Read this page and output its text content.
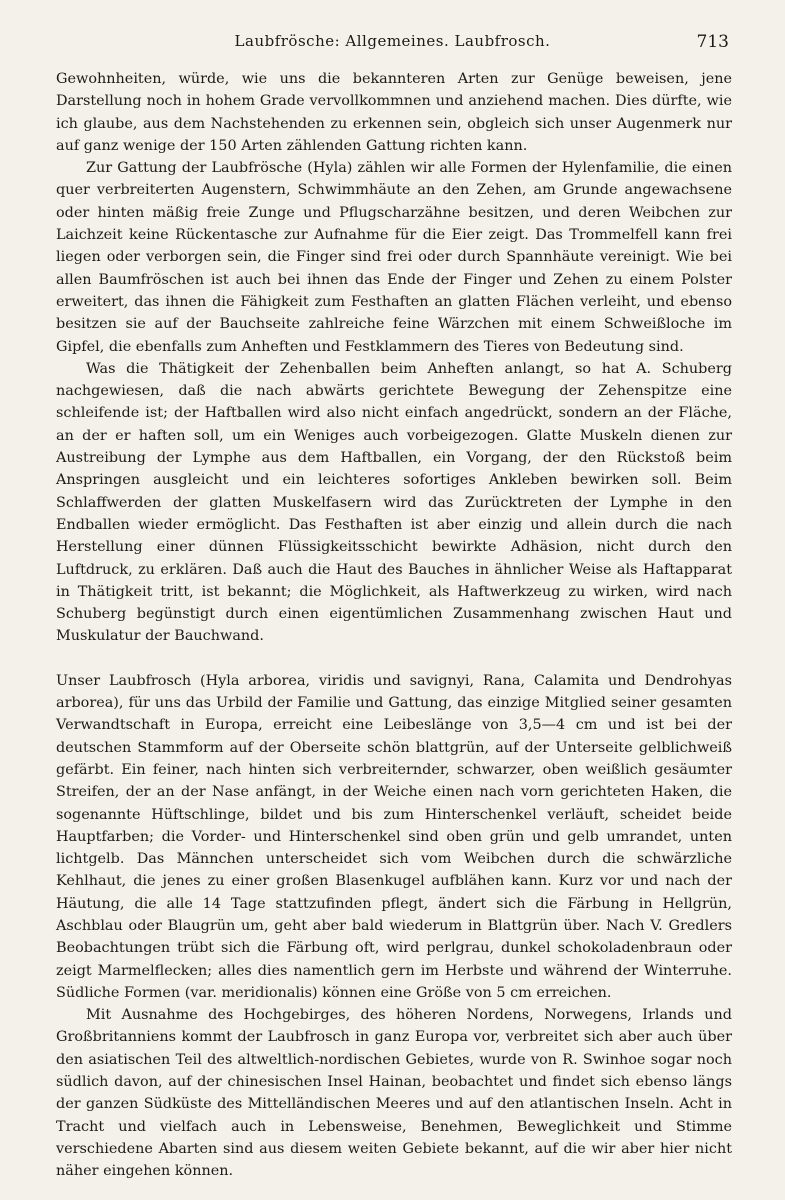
Laubfrösche: Allgemeines. Laubfrosch.	713

Gewohnheiten, würde, wie uns die bekannteren Arten zur Genüge beweisen, jene Darstellung noch in hohem Grade vervollkommnen und anziehend machen. Dies dürfte, wie ich glaube, aus dem Nachstehenden zu erkennen sein, obgleich sich unser Augenmerk nur auf ganz wenige der 150 Arten zählenden Gattung richten kann.

Zur Gattung der Laubfrösche (Hyla) zählen wir alle Formen der Hylenfamilie, die einen quer verbreiterten Augenstern, Schwimmhäute an den Zehen, am Grunde angewachsene oder hinten mäßig freie Zunge und Pflugscharzähne besitzen, und deren Weibchen zur Laichzeit keine Rückentasche zur Aufnahme für die Eier zeigt. Das Trommelfell kann frei liegen oder verborgen sein, die Finger sind frei oder durch Spannhäute vereinigt. Wie bei allen Baumfröschen ist auch bei ihnen das Ende der Finger und Zehen zu einem Polster erweitert, das ihnen die Fähigkeit zum Festhaften an glatten Flächen verleiht, und ebenso besitzen sie auf der Bauchseite zahlreiche feine Wärzchen mit einem Schweißloche im Gipfel, die ebenfalls zum Anheften und Festklammern des Tieres von Bedeutung sind.

Was die Thätigkeit der Zehenballen beim Anheften anlangt, so hat A. Schuberg nachgewiesen, daß die nach abwärts gerichtete Bewegung der Zehenspitze eine schleifende ist; der Haftballen wird also nicht einfach angedrückt, sondern an der Fläche, an der er haften soll, um ein Weniges auch vorbeigezogen. Glatte Muskeln dienen zur Austreibung der Lymphe aus dem Haftballen, ein Vorgang, der den Rückstoß beim Anspringen ausgleicht und ein leichteres sofortiges Ankleben bewirken soll. Beim Schlaffwerden der glatten Muskelfasern wird das Zurücktreten der Lymphe in den Endballen wieder ermöglicht. Das Festhaften ist aber einzig und allein durch die nach Herstellung einer dünnen Flüssigkeitsschicht bewirkte Adhäsion, nicht durch den Luftdruck, zu erklären. Daß auch die Haut des Bauches in ähnlicher Weise als Haftapparat in Thätigkeit tritt, ist bekannt; die Möglichkeit, als Haftwerkzeug zu wirken, wird nach Schuberg begünstigt durch einen eigentümlichen Zusammenhang zwischen Haut und Muskulatur der Bauchwand.

Unser Laubfrosch (Hyla arborea, viridis und savignyi, Rana, Calamita und Dendrohyas arborea), für uns das Urbild der Familie und Gattung, das einzige Mitglied seiner gesamten Verwandtschaft in Europa, erreicht eine Leibeslänge von 3,5—4 cm und ist bei der deutschen Stammform auf der Oberseite schön blattgrün, auf der Unterseite gelblichweiß gefärbt. Ein feiner, nach hinten sich verbreiternder, schwarzer, oben weißlich gesäumter Streifen, der an der Nase anfängt, in der Weiche einen nach vorn gerichteten Haken, die sogenannte Hüftschlinge, bildet und bis zum Hinterschenkel verläuft, scheidet beide Hauptfarben; die Vorder- und Hinterschenkel sind oben grün und gelb umrandet, unten lichtgelb. Das Männchen unterscheidet sich vom Weibchen durch die schwärzliche Kehlhaut, die jenes zu einer großen Blasenkugel aufblähen kann. Kurz vor und nach der Häutung, die alle 14 Tage stattzufinden pflegt, ändert sich die Färbung in Hellgrün, Aschblau oder Blaugrün um, geht aber bald wiederum in Blattgrün über. Nach V. Gredlers Beobachtungen trübt sich die Färbung oft, wird perlgrau, dunkel schokoladenbraun oder zeigt Marmelflecken; alles dies namentlich gern im Herbste und während der Winterruhe. Südliche Formen (var. meridionalis) können eine Größe von 5 cm erreichen.

Mit Ausnahme des Hochgebirges, des höheren Nordens, Norwegens, Irlands und Großbritanniens kommt der Laubfrosch in ganz Europa vor, verbreitet sich aber auch über den asiatischen Teil des altweltlich-nordischen Gebietes, wurde von R. Swinhoe sogar noch südlich davon, auf der chinesischen Insel Hainan, beobachtet und findet sich ebenso längs der ganzen Südküste des Mittelländischen Meeres und auf den atlantischen Inseln. Acht in Tracht und vielfach auch in Lebensweise, Benehmen, Beweglichkeit und Stimme verschiedene Abarten sind aus diesem weiten Gebiete bekannt, auf die wir aber hier nicht näher eingehen können.
